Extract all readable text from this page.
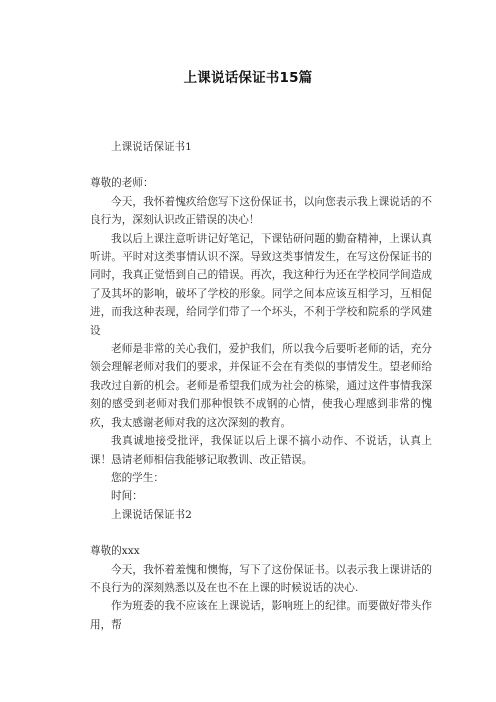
上课说话保证书15篇

上课说话保证书1

尊敬的老师：

今天，我怀着愧疚给您写下这份保证书，以向您表示我上课说话的不良行为，深刻认识改正错误的决心！

我以后上课注意听讲记好笔记，下课钻研问题的勤奋精神，上课认真听讲。平时对这类事情认识不深。导致这类事情发生，在写这份保证书的同时，我真正觉悟到自己的错误。再次，我这种行为还在学校同学间造成了及其坏的影响，破坏了学校的形象。同学之间本应该互相学习，互相促进，而我这种表现，给同学们带了一个坏头，不利于学校和院系的学风建设

老师是非常的关心我们，爱护我们，所以我今后要听老师的话，充分领会理解老师对我们的要求，并保证不会在有类似的事情发生。望老师给我改过自新的机会。老师是希望我们成为社会的栋梁，通过这件事情我深刻的感受到老师对我们那种恨铁不成钢的心情，使我心理感到非常的愧疚，我太感谢老师对我的这次深刻的教育。

我真诚地接受批评，我保证以后上课不搞小动作、不说话，认真上课！恳请老师相信我能够记取教训、改正错误。

您的学生：

时间：

上课说话保证书2

尊敬的xxx

今天，我怀着羞愧和懊悔，写下了这份保证书。以表示我上课讲话的不良行为的深刻熟悉以及在也不在上课的时候说话的决心.

作为班委的我不应该在上课说话，影响班上的纪律。而要做好带头作用，帮
